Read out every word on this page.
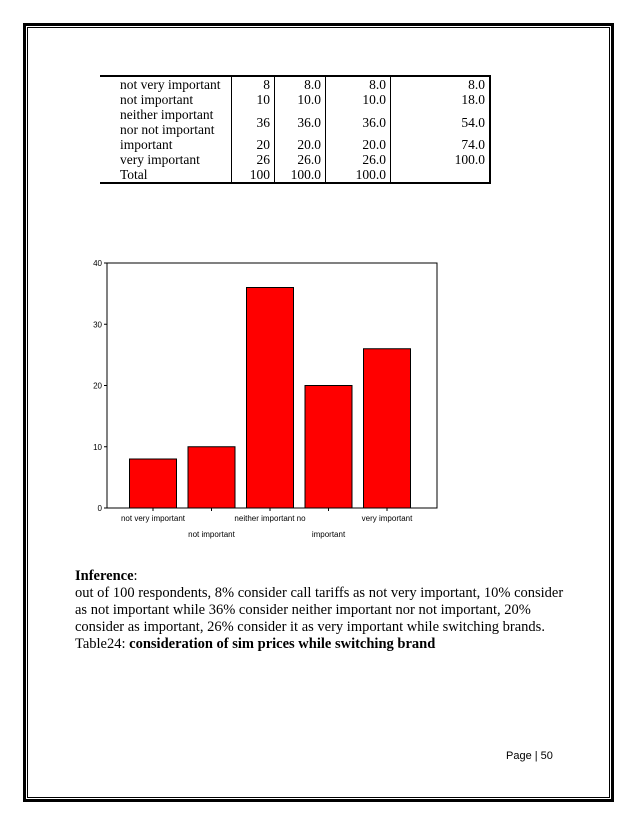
not very important	8	8.0	8.0	8.0
not important	10	10.0	10.0	18.0
neither important nor not important	36	36.0	36.0	54.0
important	20	20.0	20.0	74.0
very important	26	26.0	26.0	100.0
Total	100	100.0	100.0	
0
10
20
30
40
not very important
not important
neither important no
important
very important
Inference:
out of 100 respondents, 8% consider call tariffs as not very important, 10% consider as not important while 36% consider neither important nor not important, 20% consider as important, 26% consider it as very important while switching brands.
Table24: consideration of sim prices while switching brand
Page | 50
